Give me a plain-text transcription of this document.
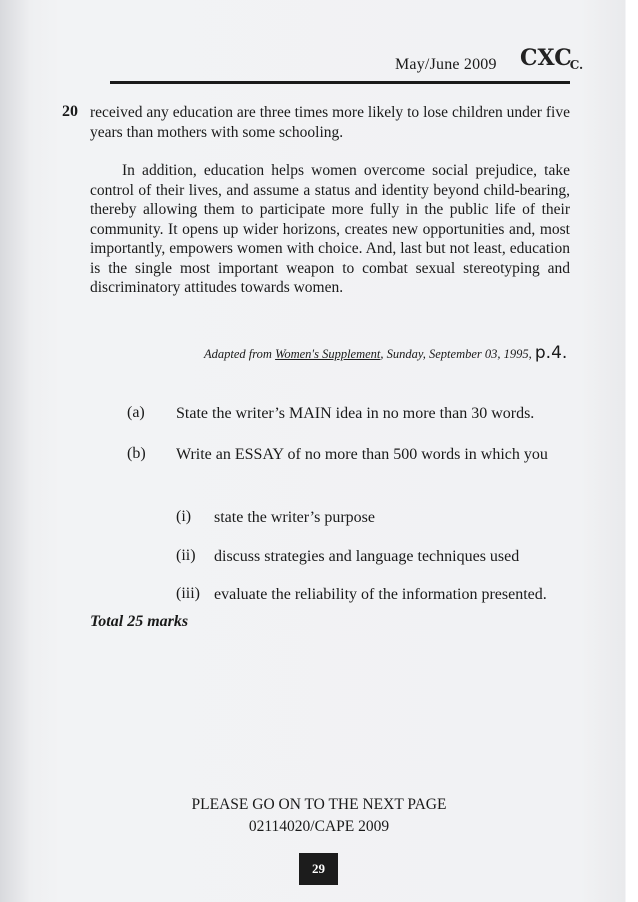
May/June 2009 CXCC.
20 received any education are three times more likely to lose children under five years than mothers with some schooling.
In addition, education helps women overcome social prejudice, take control of their lives, and assume a status and identity beyond child-bearing, thereby allowing them to participate more fully in the public life of their community. It opens up wider horizons, creates new opportunities and, most importantly, empowers women with choice. And, last but not least, education is the single most important weapon to combat sexual stereotyping and discriminatory attitudes towards women.
Adapted from Women's Supplement, Sunday, September 03, 1995, p.4.
(a) State the writer’s MAIN idea in no more than 30 words.
(b) Write an ESSAY of no more than 500 words in which you
(i) state the writer’s purpose
(ii) discuss strategies and language techniques used
(iii) evaluate the reliability of the information presented.
Total 25 marks
PLEASE GO ON TO THE NEXT PAGE
02114020/CAPE 2009
29
